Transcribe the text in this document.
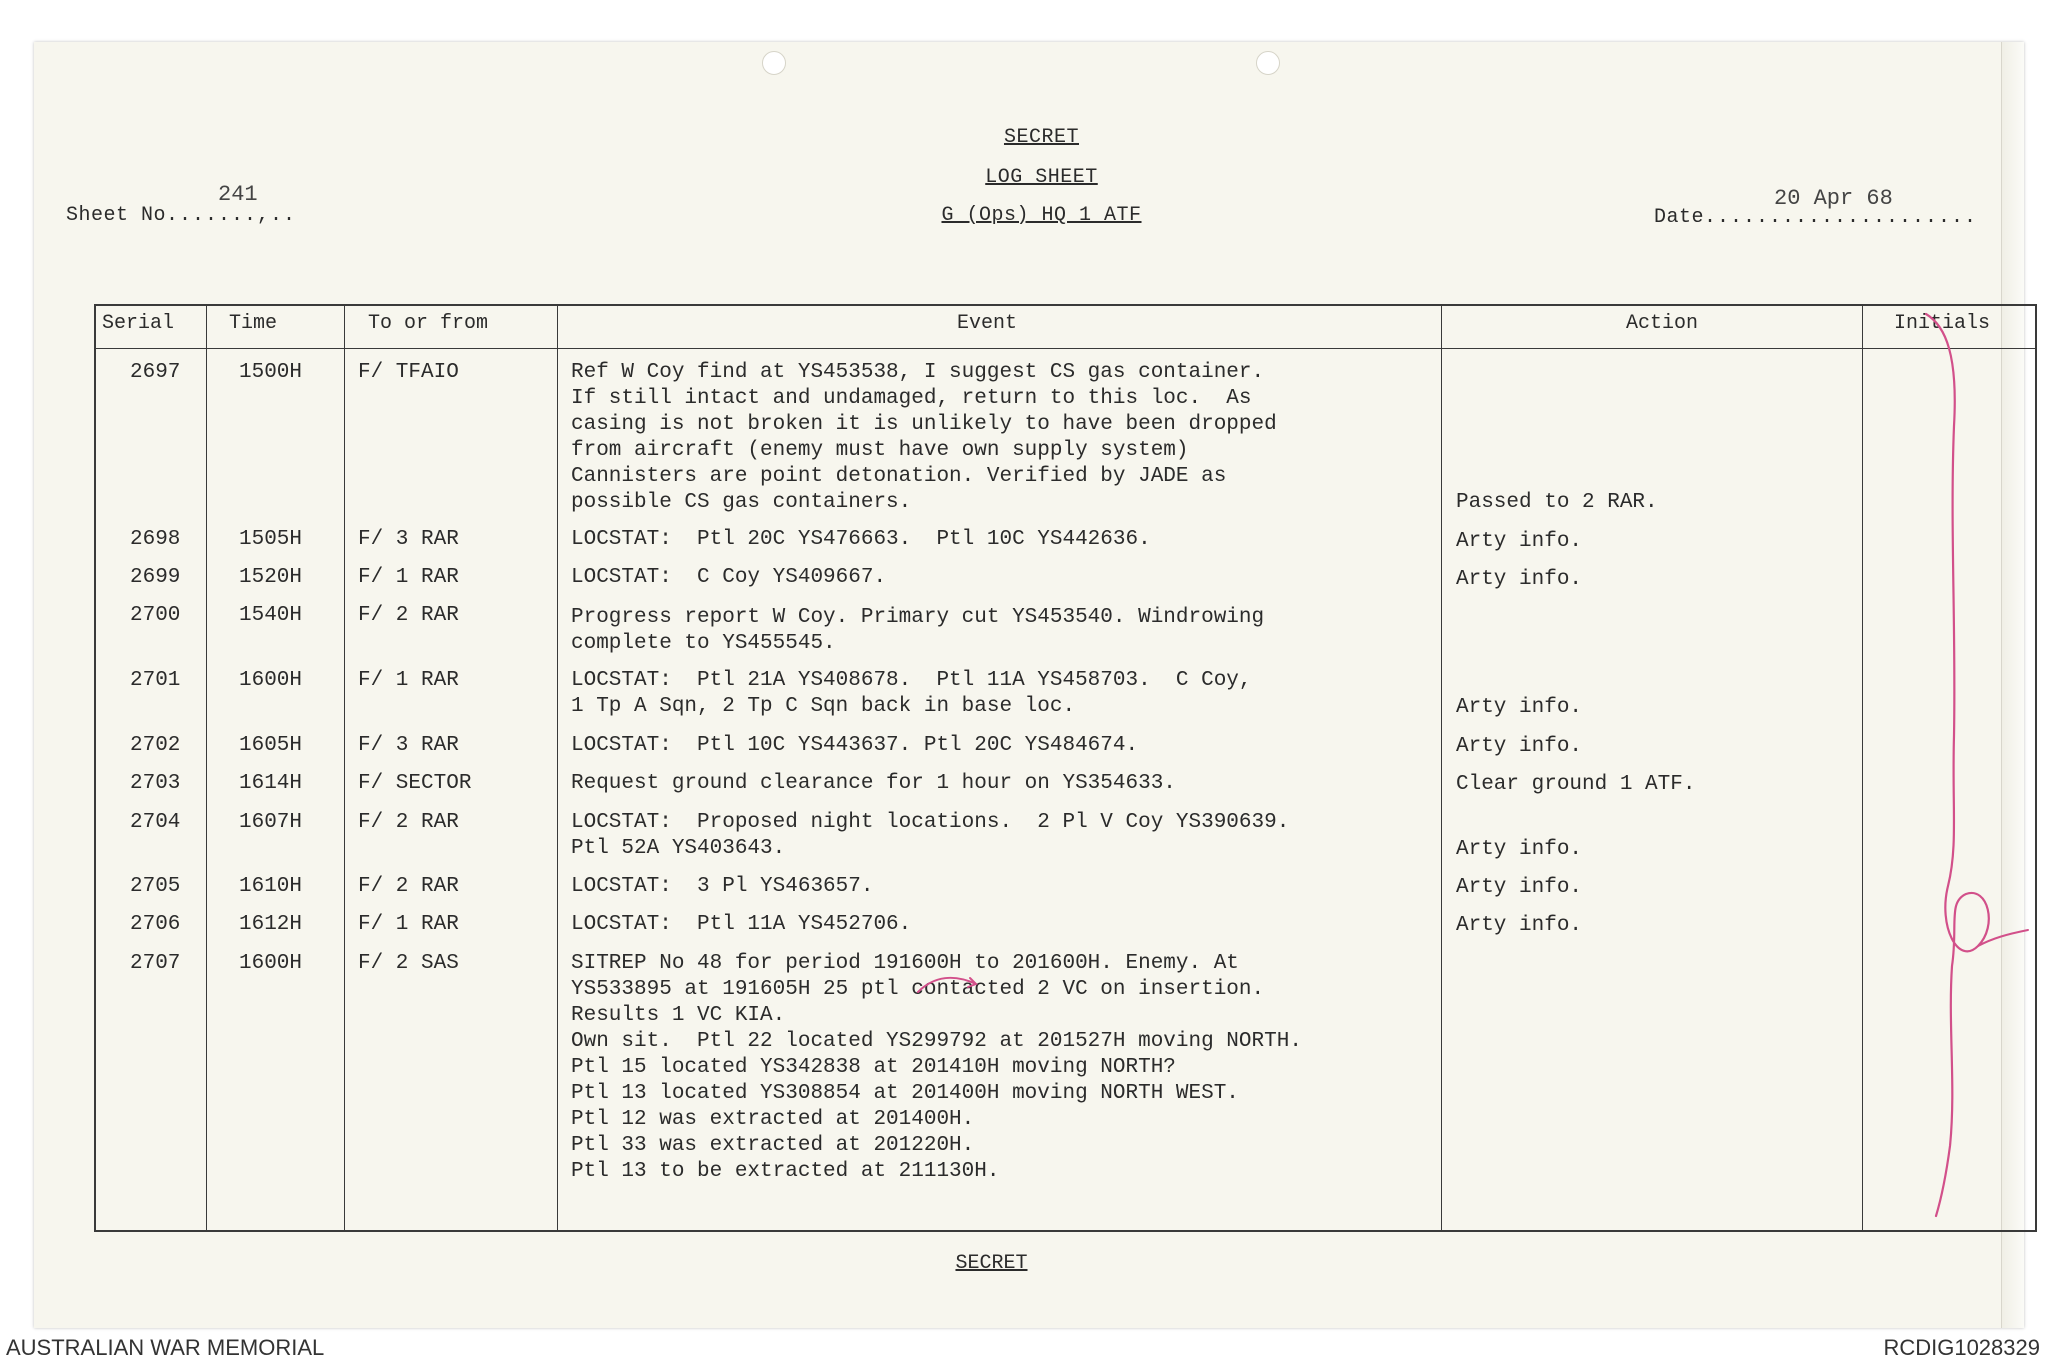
SECRET
LOG SHEET
G (Ops) HQ 1 ATF
Sheet No.......,..
241
Date.....................
20 Apr 68
Serial	Time	To or from	Event	Action	Initials
2697	1500H	F/ TFAIO	Ref W Coy find at YS453538, I suggest CS gas container.
If still intact and undamaged, return to this loc.  As
casing is not broken it is unlikely to have been dropped
from aircraft (enemy must have own supply system)
Cannisters are point detonation. Verified by JADE as
possible CS gas containers.	Passed to 2 RAR.
2698	1505H	F/ 3 RAR	LOCSTAT:  Ptl 20C YS476663.  Ptl 10C YS442636.	Arty info.
2699	1520H	F/ 1 RAR	LOCSTAT:  C Coy YS409667.	Arty info.
2700	1540H	F/ 2 RAR	Progress report W Coy. Primary cut YS453540. Windrowing
complete to YS455545.
2701	1600H	F/ 1 RAR	LOCSTAT:  Ptl 21A YS408678.  Ptl 11A YS458703.  C Coy,
1 Tp A Sqn, 2 Tp C Sqn back in base loc.	Arty info.
2702	1605H	F/ 3 RAR	LOCSTAT:  Ptl 10C YS443637. Ptl 20C YS484674.	Arty info.
2703	1614H	F/ SECTOR	Request ground clearance for 1 hour on YS354633.	Clear ground 1 ATF.
2704	1607H	F/ 2 RAR	LOCSTAT:  Proposed night locations.  2 Pl V Coy YS390639.
Ptl 52A YS403643.	Arty info.
2705	1610H	F/ 2 RAR	LOCSTAT:  3 Pl YS463657.	Arty info.
2706	1612H	F/ 1 RAR	LOCSTAT:  Ptl 11A YS452706.	Arty info.
2707	1600H	F/ 2 SAS	SITREP No 48 for period 191600H to 201600H. Enemy. At
YS533895 at 191605H 25 ptl contacted 2 VC on insertion.
Results 1 VC KIA.
Own sit.  Ptl 22 located YS299792 at 201527H moving NORTH.
Ptl 15 located YS342838 at 201410H moving NORTH?
Ptl 13 located YS308854 at 201400H moving NORTH WEST.
Ptl 12 was extracted at 201400H.
Ptl 33 was extracted at 201220H.
Ptl 13 to be extracted at 211130H.
SECRET
AUSTRALIAN WAR MEMORIAL	RCDIG1028329
